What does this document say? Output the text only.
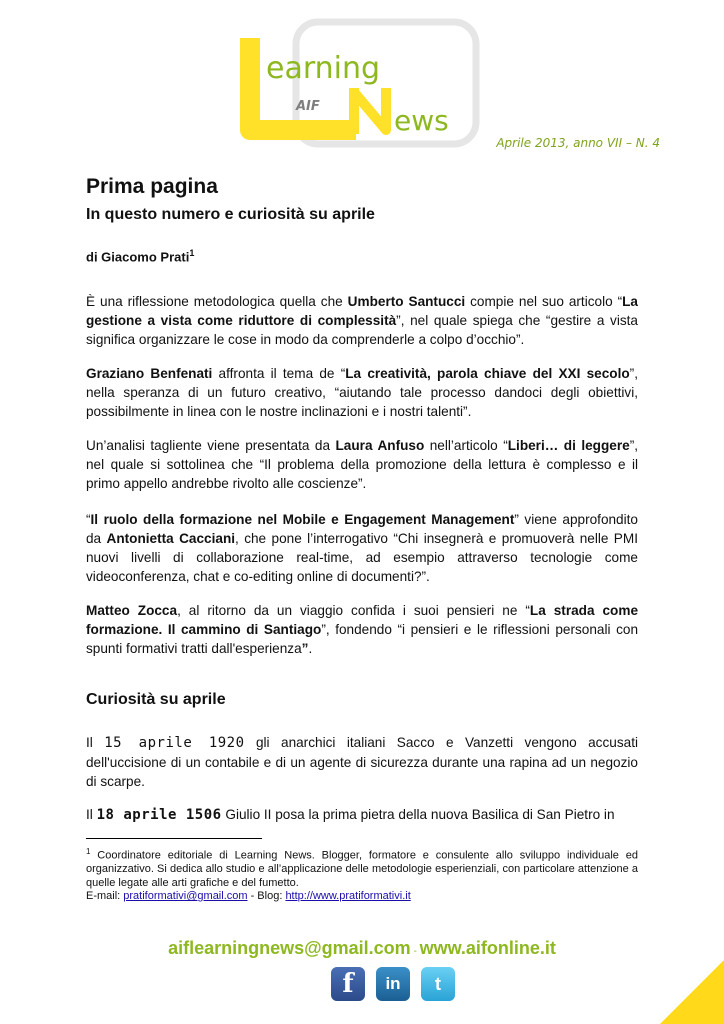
earning
AIF	ews
Aprile 2013, anno VII – N. 4
Prima pagina
In questo numero e curiosità su aprile
di Giacomo Prati$^1$

È una riflessione metodologica quella che Umberto Santucci compie nel suo articolo “La gestione a vista come riduttore di complessità”, nel quale spiega che “gestire a vista significa organizzare le cose in modo da comprenderle a colpo d’occhio”.

Graziano Benfenati affronta il tema de “La creatività, parola chiave del XXI secolo”, nella speranza di un futuro creativo, “aiutando tale processo dandoci degli obiettivi, possibilmente in linea con le nostre inclinazioni e i nostri talenti”.

Un’analisi tagliente viene presentata da Laura Anfuso nell’articolo “Liberi… di leggere”, nel quale si sottolinea che “Il problema della promozione della lettura è complesso e il primo appello andrebbe rivolto alle coscienze”.

“Il ruolo della formazione nel Mobile e Engagement Management” viene approfondito da Antonietta Cacciani, che pone l’interrogativo “Chi insegnerà e promuoverà nelle PMI nuovi livelli di collaborazione real-time, ad esempio attraverso tecnologie come videoconferenza, chat e co-editing online di documenti?”.

Matteo Zocca, al ritorno da un viaggio confida i suoi pensieri ne “La strada come formazione. Il cammino di Santiago”, fondendo “i pensieri e le riflessioni personali con spunti formativi tratti dall'esperienza”.

Curiosità su aprile

Il 15 aprile 1920 gli anarchici italiani Sacco e Vanzetti vengono accusati dell'uccisione di un contabile e di un agente di sicurezza durante una rapina ad un negozio di scarpe.

Il 18 aprile 1506 Giulio II posa la prima pietra della nuova Basilica di San Pietro in

$^1$ Coordinatore editoriale di Learning News. Blogger, formatore e consulente allo sviluppo individuale ed organizzativo. Si dedica allo studio e all’applicazione delle metodologie esperienziali, con particolare attenzione a quelle legate alle arti grafiche e del fumetto.
E-mail: pratiformativi@gmail.com - Blog: http://www.pratiformativi.it
aiflearningnews@gmail.com - www.aifonline.it
f in t
